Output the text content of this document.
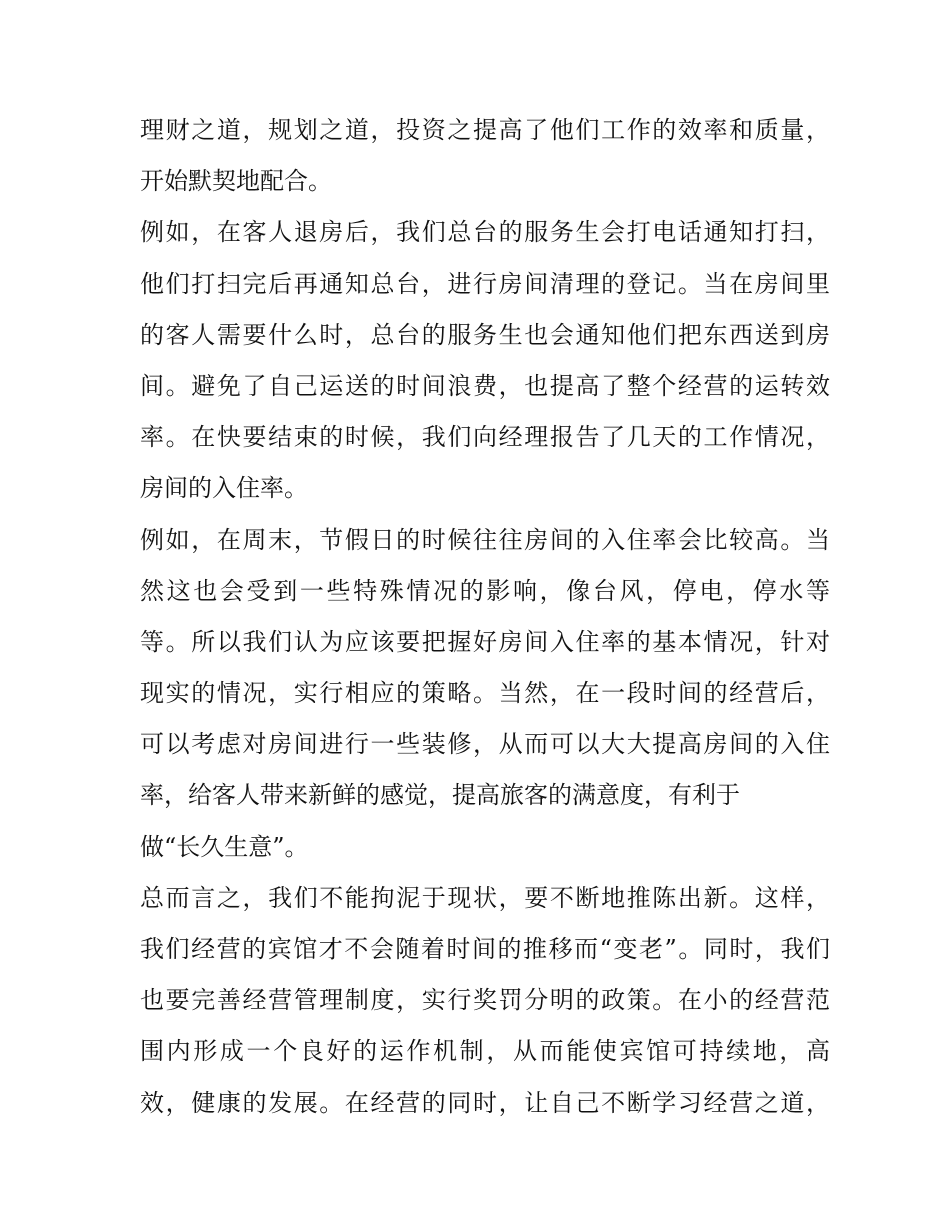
理财之道，规划之道，投资之提高了他们工作的效率和质量，
开始默契地配合。
例如，在客人退房后，我们总台的服务生会打电话通知打扫，
他们打扫完后再通知总台，进行房间清理的登记。当在房间里
的客人需要什么时，总台的服务生也会通知他们把东西送到房
间。避免了自己运送的时间浪费，也提高了整个经营的运转效
率。在快要结束的时候，我们向经理报告了几天的工作情况，
房间的入住率。
例如，在周末，节假日的时候往往房间的入住率会比较高。当
然这也会受到一些特殊情况的影响，像台风，停电，停水等
等。所以我们认为应该要把握好房间入住率的基本情况，针对
现实的情况，实行相应的策略。当然，在一段时间的经营后，
可以考虑对房间进行一些装修，从而可以大大提高房间的入住
率，给客人带来新鲜的感觉，提高旅客的满意度，有利于
做“长久生意”。
总而言之，我们不能拘泥于现状，要不断地推陈出新。这样，
我们经营的宾馆才不会随着时间的推移而“变老”。同时，我们
也要完善经营管理制度，实行奖罚分明的政策。在小的经营范
围内形成一个良好的运作机制，从而能使宾馆可持续地，高
效，健康的发展。在经营的同时，让自己不断学习经营之道，
